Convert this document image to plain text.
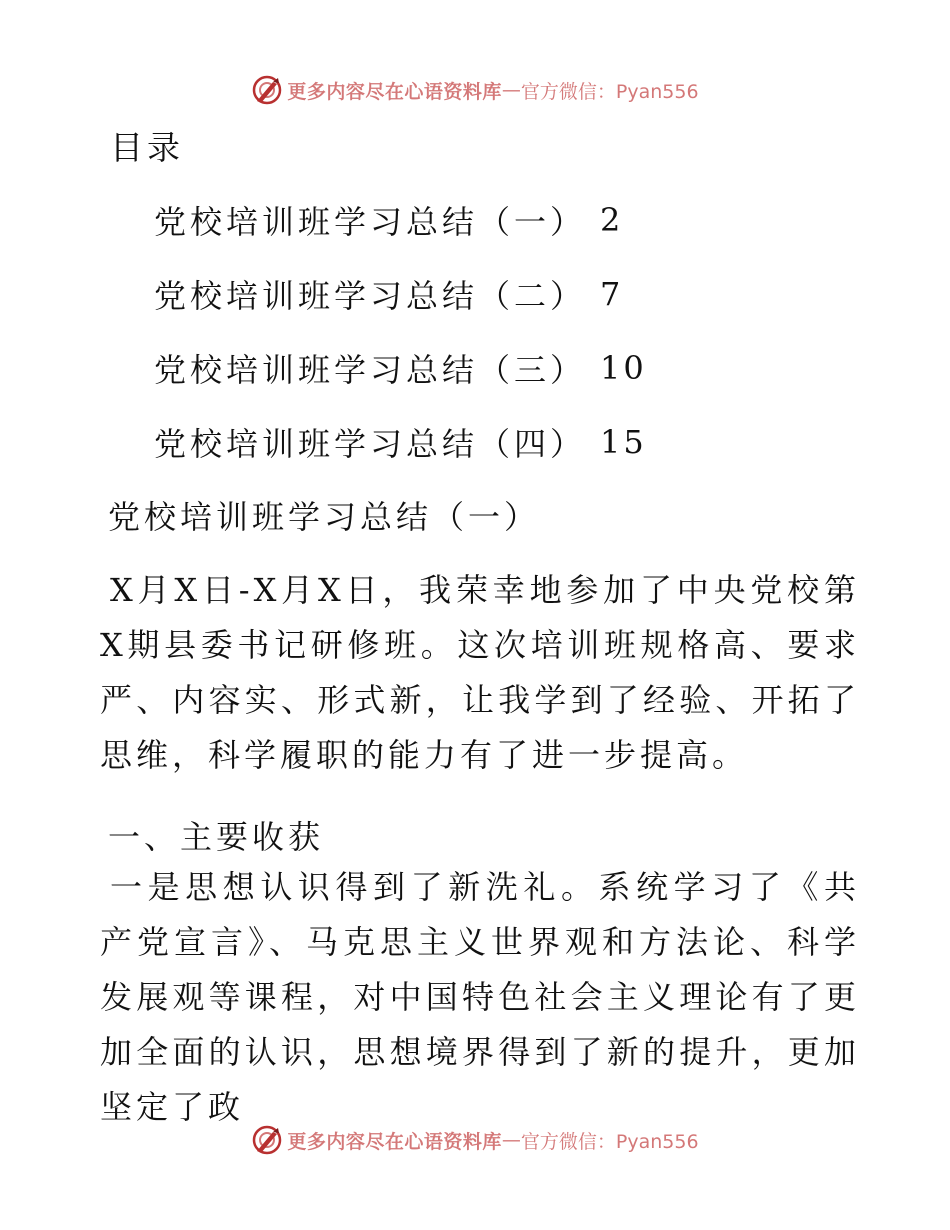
更多内容尽在心语资料库 — 官方微信：Pyan556
目录
党校培训班学习总结（一） 2
党校培训班学习总结（二） 7
党校培训班学习总结（三） 10
党校培训班学习总结（四） 15
党校培训班学习总结（一）

X月X日-X月X日，我荣幸地参加了中央党校第X期县委书记研修班。这次培训班规格高、要求严、内容实、形式新，让我学到了经验、开拓了思维，科学履职的能力有了进一步提高。

一、主要收获

一是思想认识得到了新洗礼。系统学习了《共产党宣言》、马克思主义世界观和方法论、科学发展观等课程，对中国特色社会主义理论有了更加全面的认识，思想境界得到了新的提升，更加坚定了政

更多内容尽在心语资料库 — 官方微信：Pyan556
